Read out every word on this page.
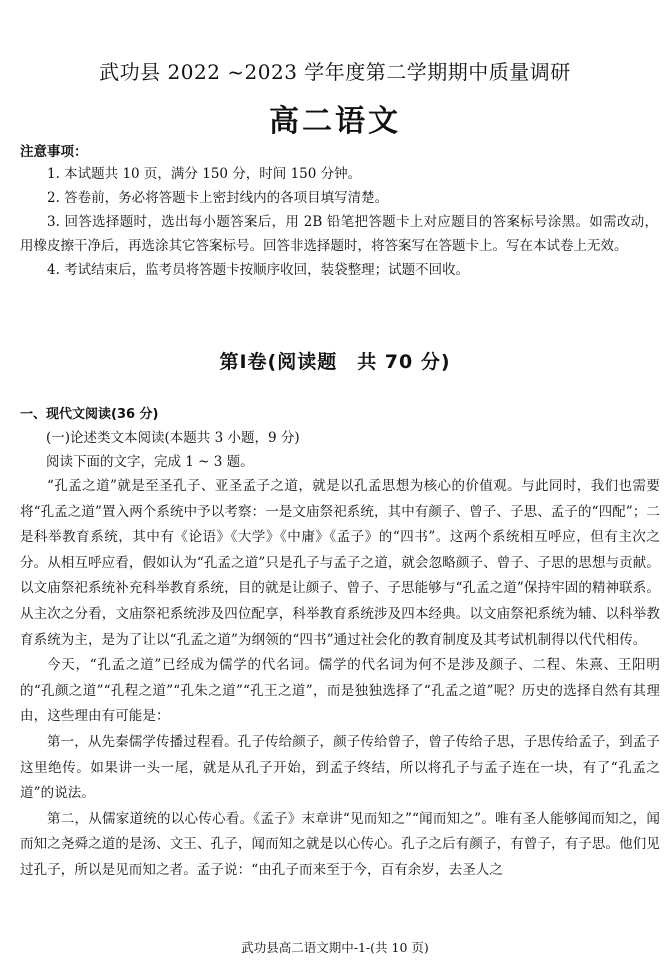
武功县 2022 ~2023 学年度第二学期期中质量调研
高二语文
注意事项：

1. 本试题共 10 页，满分 150 分，时间 150 分钟。

2. 答卷前，务必将答题卡上密封线内的各项目填写清楚。

3. 回答选择题时，选出每小题答案后，用 2B 铅笔把答题卡上对应题目的答案标号涂黑。如需改动，用橡皮擦干净后，再选涂其它答案标号。回答非选择题时，将答案写在答题卡上。写在本试卷上无效。

4. 考试结束后，监考员将答题卡按顺序收回，装袋整理；试题不回收。

第Ⅰ卷(阅读题　共 70 分)

一、现代文阅读(36 分)

(一)论述类文本阅读(本题共 3 小题，9 分)

阅读下面的文字，完成 1 ~ 3 题。

“孔孟之道”就是至圣孔子、亚圣孟子之道，就是以孔孟思想为核心的价值观。与此同时，我们也需要将“孔孟之道”置入两个系统中予以考察：一是文庙祭祀系统，其中有颜子、曾子、子思、孟子的“四配”；二是科举教育系统，其中有《论语》《大学》《中庸》《孟子》的“四书”。这两个系统相互呼应，但有主次之分。从相互呼应看，假如认为“孔孟之道”只是孔子与孟子之道，就会忽略颜子、曾子、子思的思想与贡献。以文庙祭祀系统补充科举教育系统，目的就是让颜子、曾子、子思能够与“孔孟之道”保持牢固的精神联系。从主次之分看，文庙祭祀系统涉及四位配享，科举教育系统涉及四本经典。以文庙祭祀系统为辅、以科举教育系统为主，是为了让以“孔孟之道”为纲领的“四书”通过社会化的教育制度及其考试机制得以代代相传。

今天，“孔孟之道”已经成为儒学的代名词。儒学的代名词为何不是涉及颜子、二程、朱熹、王阳明的“孔颜之道”“孔程之道”“孔朱之道”“孔王之道”，而是独独选择了“孔孟之道”呢？历史的选择自然有其理由，这些理由有可能是：

第一，从先秦儒学传播过程看。孔子传给颜子，颜子传给曾子，曾子传给子思，子思传给孟子，到孟子这里绝传。如果讲一头一尾，就是从孔子开始，到孟子终结，所以将孔子与孟子连在一块，有了“孔孟之道”的说法。

第二，从儒家道统的以心传心看。《孟子》末章讲“见而知之”“闻而知之”。唯有圣人能够闻而知之，闻而知之尧舜之道的是汤、文王、孔子，闻而知之就是以心传心。孔子之后有颜子，有曾子，有子思。他们见过孔子，所以是见而知之者。孟子说：“由孔子而来至于今，百有余岁，去圣人之

武功县高二语文期中-1-(共 10 页)
